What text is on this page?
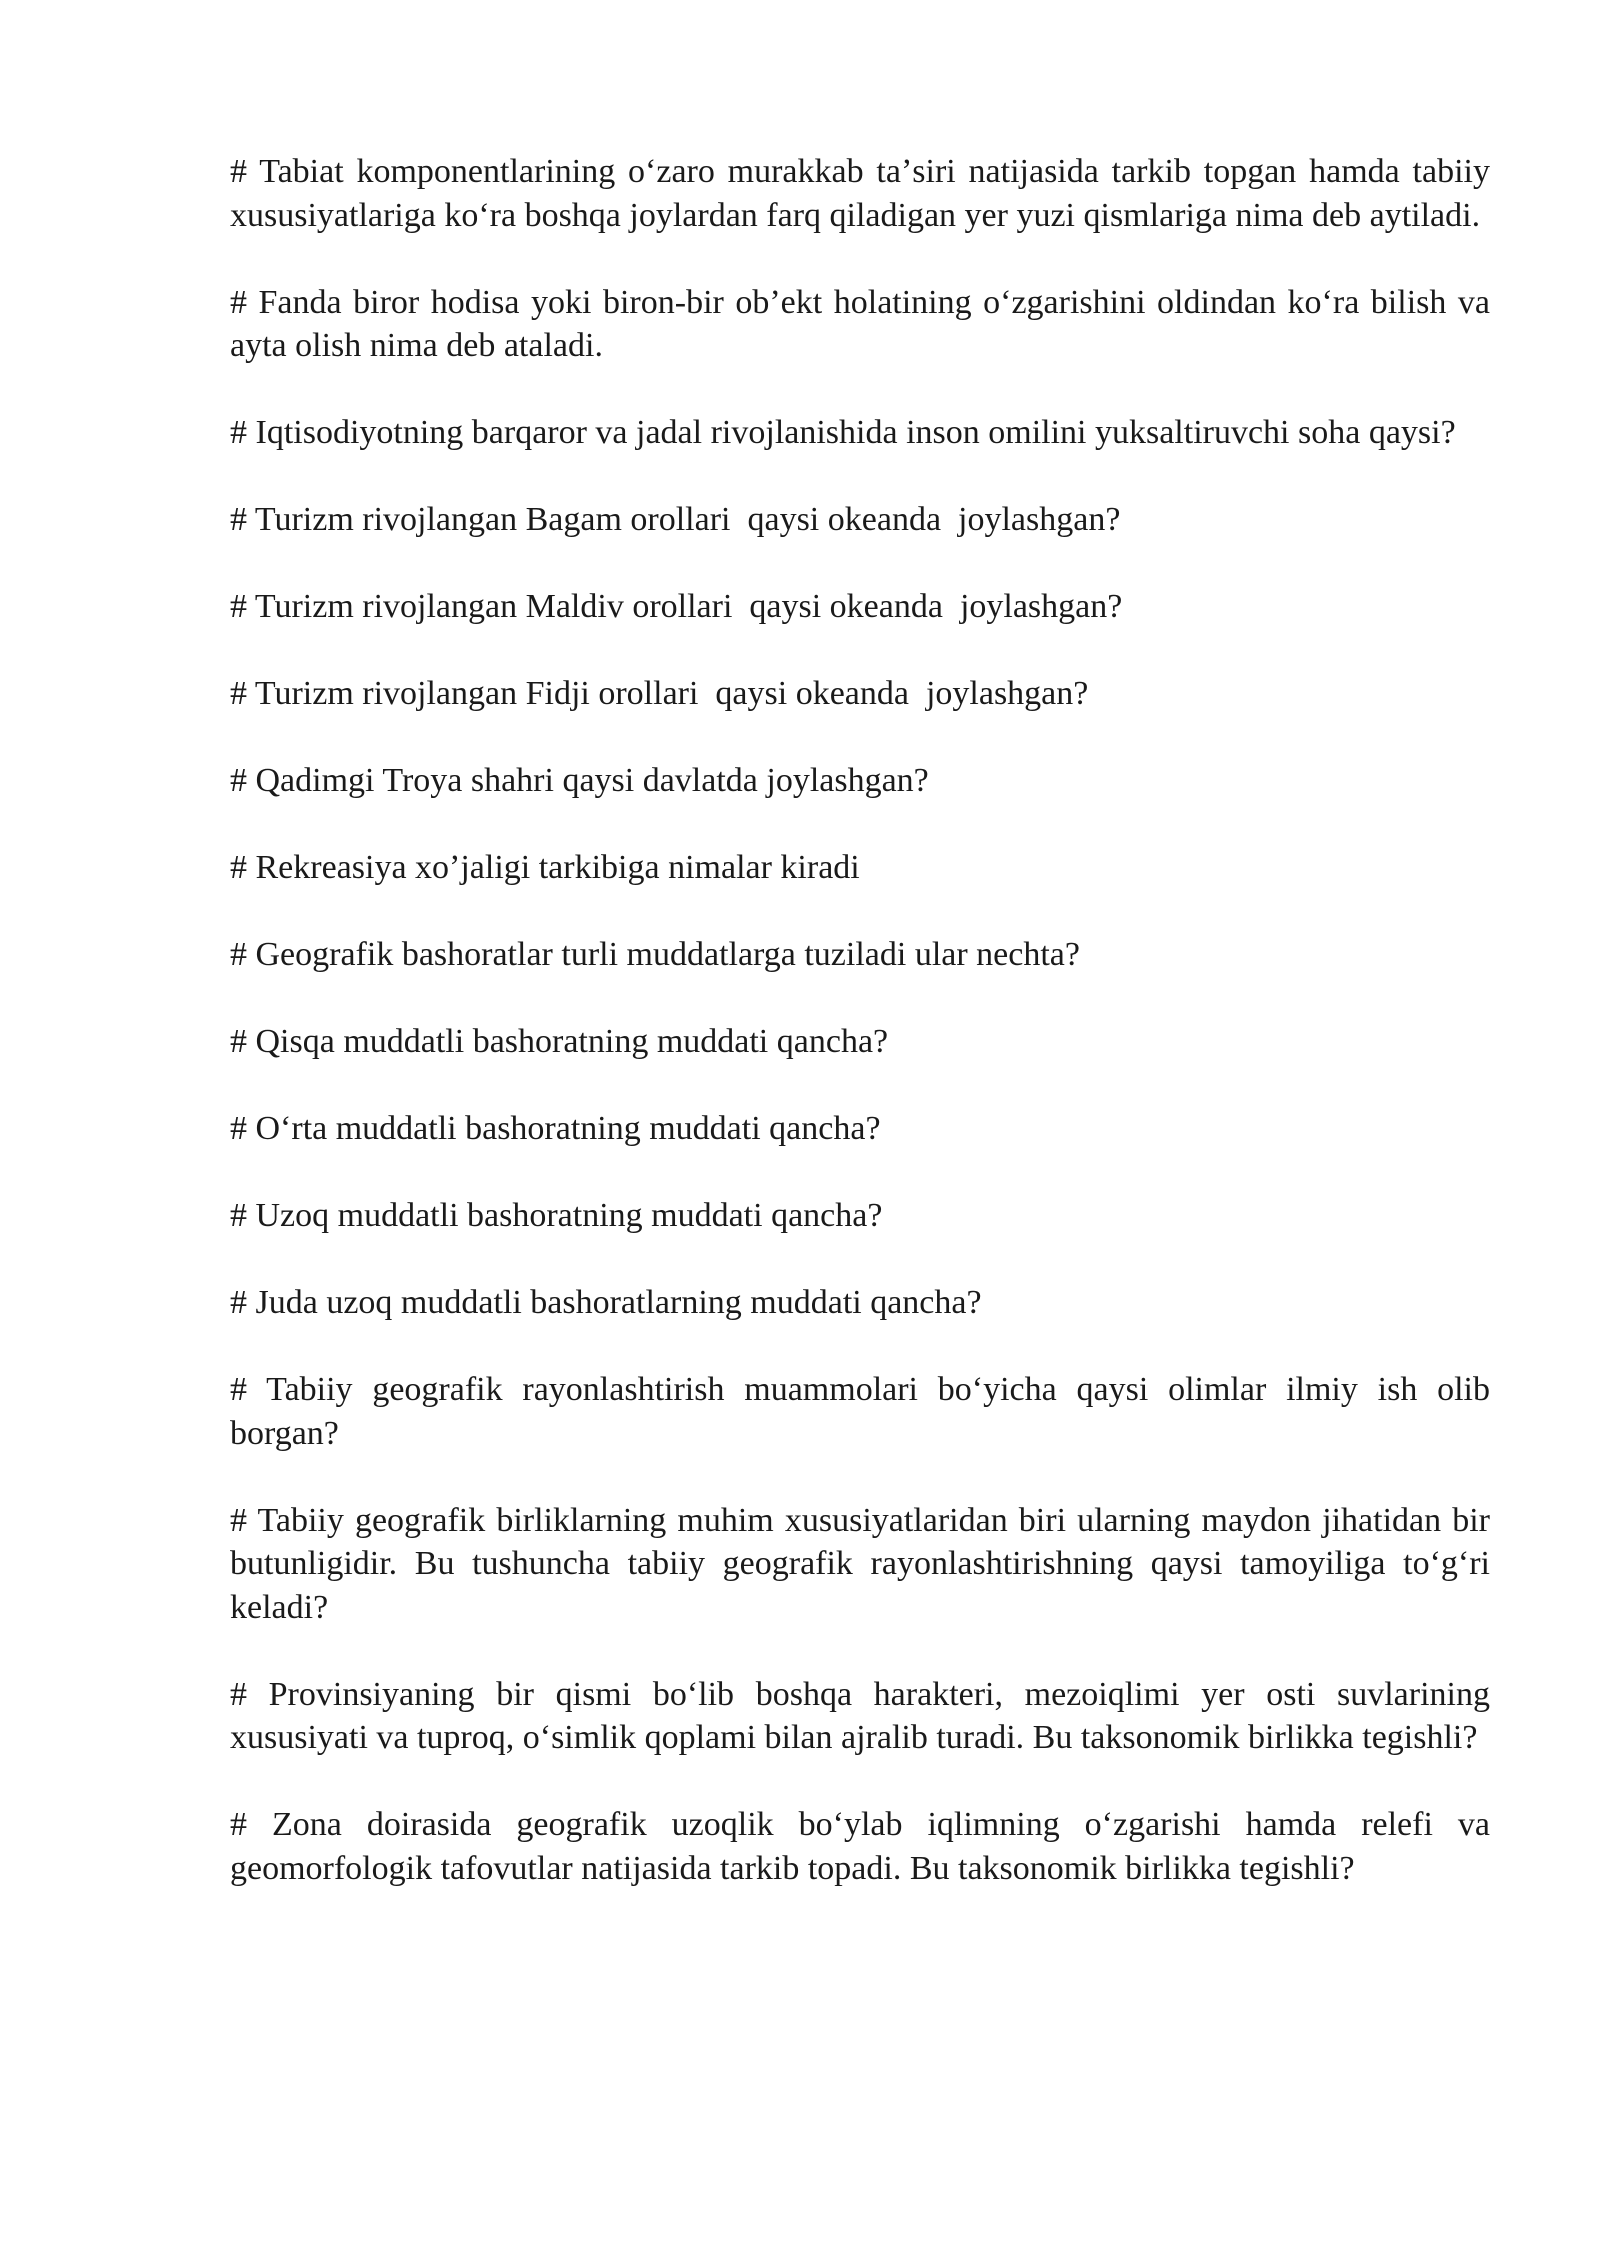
# Tabiat komponentlarining oʻzaro murakkab taʼsiri natijasida tarkib topgan hamda tabiiy xususiyatlariga koʻra boshqa joylardan farq qiladigan yer yuzi qismlariga nima deb aytiladi.

# Fanda biror hodisa yoki biron-bir obʼekt holatining oʻzgarishini oldindan koʻra bilish va ayta olish nima deb ataladi.

# Iqtisodiyotning barqaror va jadal rivojlanishida inson omilini yuksaltiruvchi soha qaysi?

# Turizm rivojlangan Bagam orollari  qaysi okeanda  joylashgan?

# Turizm rivojlangan Maldiv orollari  qaysi okeanda  joylashgan?

# Turizm rivojlangan Fidji orollari  qaysi okeanda  joylashgan?

# Qadimgi Troya shahri qaysi davlatda joylashgan?

# Rekreasiya xoʼjaligi tarkibiga nimalar kiradi

# Geografik bashoratlar turli muddatlarga tuziladi ular nechta?

# Qisqa muddatli bashoratning muddati qancha?

# Oʻrta muddatli bashoratning muddati qancha?

# Uzoq muddatli bashoratning muddati qancha?

# Juda uzoq muddatli bashoratlarning muddati qancha?

# Tabiiy geografik rayonlashtirish muammolari boʻyicha qaysi olimlar ilmiy ish olib borgan?

# Tabiiy geografik birliklarning muhim xususiyatlaridan biri ularning maydon jihatidan bir butunligidir. Bu tushuncha tabiiy geografik rayonlashtirishning qaysi tamoyiliga toʻgʻri keladi?

# Provinsiyaning bir qismi boʻlib boshqa harakteri, mezoiqlimi yer osti suvlarining xususiyati va tuproq, oʻsimlik qoplami bilan ajralib turadi. Bu taksonomik birlikka tegishli?

# Zona doirasida geografik uzoqlik boʻylab iqlimning oʻzgarishi hamda relefi va geomorfologik tafovutlar natijasida tarkib topadi. Bu taksonomik birlikka tegishli?
